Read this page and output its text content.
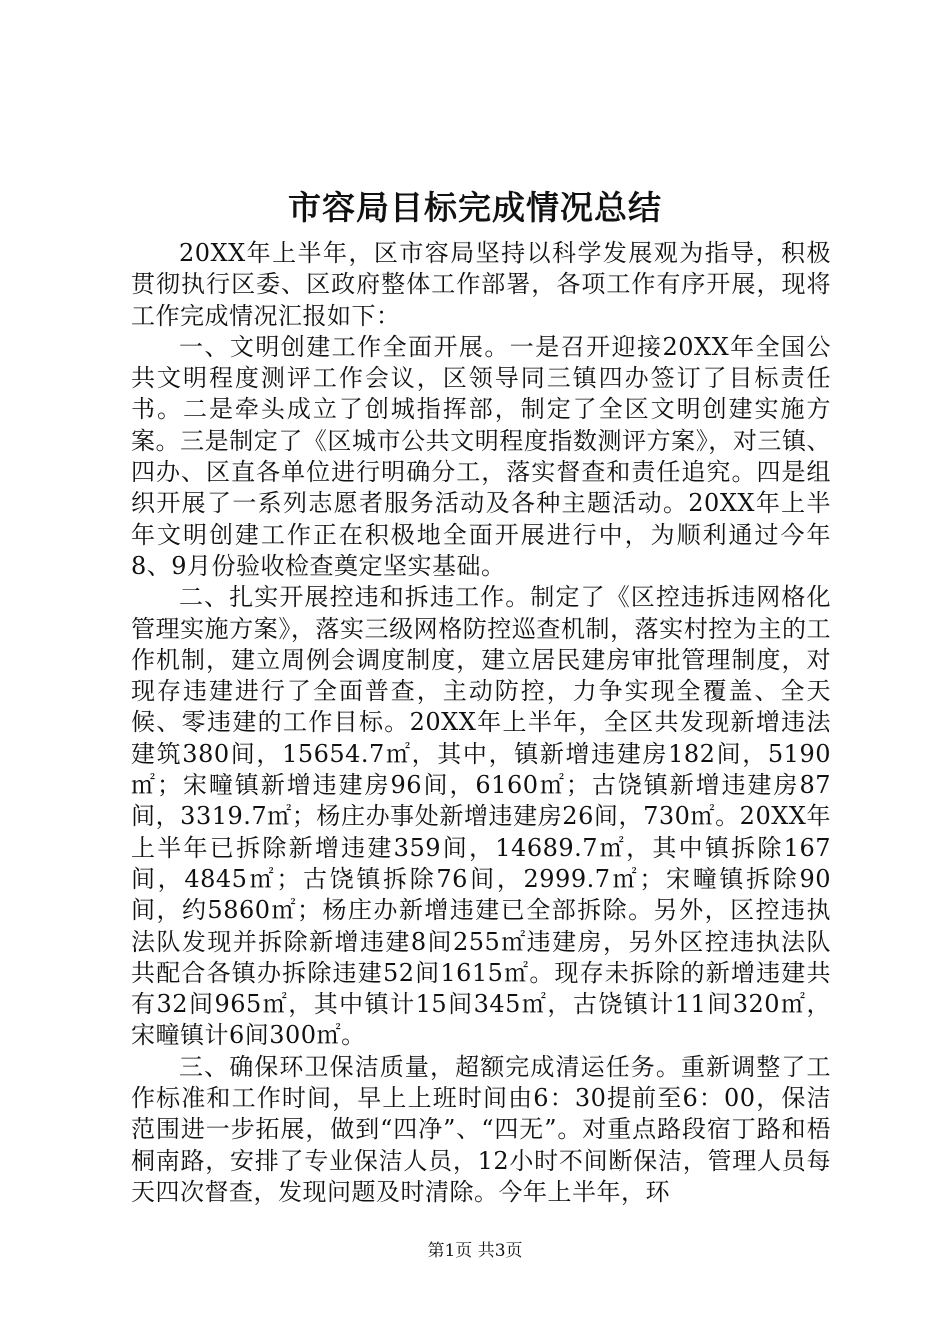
市容局目标完成情况总结

20XX年上半年，区市容局坚持以科学发展观为指导，积极贯彻执行区委、区政府整体工作部署，各项工作有序开展，现将工作完成情况汇报如下：

一、文明创建工作全面开展。一是召开迎接20XX年全国公共文明程度测评工作会议，区领导同三镇四办签订了目标责任书。二是牵头成立了创城指挥部，制定了全区文明创建实施方案。三是制定了《区城市公共文明程度指数测评方案》，对三镇、四办、区直各单位进行明确分工，落实督查和责任追究。四是组织开展了一系列志愿者服务活动及各种主题活动。20XX年上半年文明创建工作正在积极地全面开展进行中，为顺利通过今年8、9月份验收检查奠定坚实基础。

二、扎实开展控违和拆违工作。制定了《区控违拆违网格化管理实施方案》，落实三级网格防控巡查机制，落实村控为主的工作机制，建立周例会调度制度，建立居民建房审批管理制度，对现存违建进行了全面普查，主动防控，力争实现全覆盖、全天候、零违建的工作目标。20XX年上半年，全区共发现新增违法建筑380间，15654.7㎡，其中，镇新增违建房182间，5190㎡；宋疃镇新增违建房96间，6160㎡；古饶镇新增违建房87间，3319.7㎡；杨庄办事处新增违建房26间，730㎡。20XX年上半年已拆除新增违建359间，14689.7㎡，其中镇拆除167间，4845㎡；古饶镇拆除76间，2999.7㎡；宋疃镇拆除90间，约5860㎡；杨庄办新增违建已全部拆除。另外，区控违执法队发现并拆除新增违建8间255㎡违建房，另外区控违执法队共配合各镇办拆除违建52间1615㎡。现存未拆除的新增违建共有32间965㎡，其中镇计15间345㎡，古饶镇计11间320㎡，宋疃镇计6间300㎡。

三、确保环卫保洁质量，超额完成清运任务。重新调整了工作标准和工作时间，早上上班时间由6：30提前至6：00，保洁范围进一步拓展，做到“四净”、“四无”。对重点路段宿丁路和梧桐南路，安排了专业保洁人员，12小时不间断保洁，管理人员每天四次督查，发现问题及时清除。今年上半年，环

第1页 共3页
